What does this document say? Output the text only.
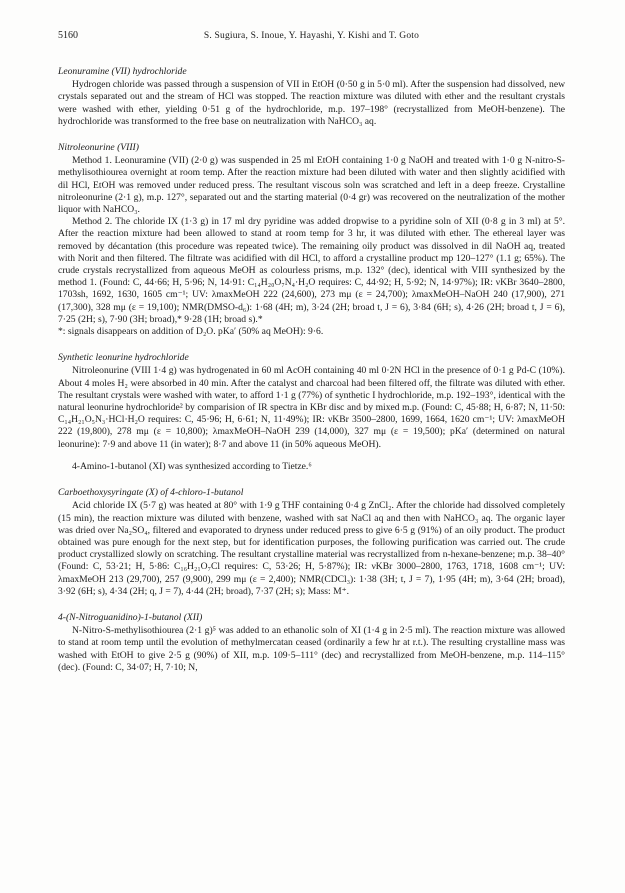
5160	S. Sugiura, S. Inoue, Y. Hayashi, Y. Kishi and T. Goto

Leonuramine (VII) hydrochloride

Hydrogen chloride was passed through a suspension of VII in EtOH (0·50 g in 5·0 ml). After the suspension had dissolved, new crystals separated out and the stream of HCl was stopped. The reaction mixture was diluted with ether and the resultant crystals were washed with ether, yielding 0·51 g of the hydrochloride, m.p. 197–198° (recrystallized from MeOH-benzene). The hydrochloride was transformed to the free base on neutralization with NaHCO₃ aq.

Nitroleonurine (VIII)

Method 1. Leonuramine (VII) (2·0 g) was suspended in 25 ml EtOH containing 1·0 g NaOH and treated with 1·0 g N-nitro-S-methylisothiourea overnight at room temp. After the reaction mixture had been diluted with water and then slightly acidified with dil HCl, EtOH was removed under reduced press. The resultant viscous soln was scratched and left in a deep freeze. Crystalline nitroleonurine (2·1 g), m.p. 127°, separated out and the starting material (0·4 gr) was recovered on the neutralization of the mother liquor with NaHCO₃.

Method 2. The chloride IX (1·3 g) in 17 ml dry pyridine was added dropwise to a pyridine soln of XII (0·8 g in 3 ml) at 5°. After the reaction mixture had been allowed to stand at room temp for 3 hr, it was diluted with ether. The ethereal layer was removed by décantation (this procedure was repeated twice). The remaining oily product was dissolved in dil NaOH aq, treated with Norit and then filtered. The filtrate was acidified with dil HCl, to afford a crystalline product mp 120–127° (1.1 g; 65%). The crude crystals recrystallized from aqueous MeOH as colourless prisms, m.p. 132° (dec), identical with VIII synthesized by the method 1. (Found: C, 44·66; H, 5·96; N, 14·91: C₁₄H₂₀O₇N₄·H₂O requires: C, 44·92; H, 5·92; N, 14·97%); IR: νKBr 3640–2800, 1703sh, 1692, 1630, 1605 cm⁻¹; UV: λmaxMeOH 222 (24,600), 273 mμ (ε = 24,700); λmaxMeOH–NaOH 240 (17,900), 271 (17,300), 328 mμ (ε = 19,100); NMR(DMSO-d₆): 1·68 (4H; m), 3·24 (2H; broad t, J = 6), 3·84 (6H; s), 4·26 (2H; broad t, J = 6), 7·25 (2H; s), 7·90 (3H; broad),* 9·28 (1H; broad s).*

*: signals disappears on addition of D₂O. pKa′ (50% aq MeOH): 9·6.

Synthetic leonurine hydrochloride

Nitroleonurine (VIII 1·4 g) was hydrogenated in 60 ml AcOH containing 40 ml 0·2N HCl in the presence of 0·1 g Pd-C (10%). About 4 moles H₂ were absorbed in 40 min. After the catalyst and charcoal had been filtered off, the filtrate was diluted with ether. The resultant crystals were washed with water, to afford 1·1 g (77%) of synthetic I hydrochloride, m.p. 192–193°, identical with the natural leonurine hydrochloride² by comparision of IR spectra in KBr disc and by mixed m.p. (Found: C, 45·88; H, 6·87; N, 11·50: C₁₄H₂₁O₅N₃·HCl·H₂O requires: C, 45·96; H, 6·61; N, 11·49%); IR: νKBr 3500–2800, 1699, 1664, 1620 cm⁻¹; UV: λmaxMeOH 222 (19,800), 278 mμ (ε = 10,800); λmaxMeOH–NaOH 239 (14,000), 327 mμ (ε = 19,500); pKa′ (determined on natural leonurine): 7·9 and above 11 (in water); 8·7 and above 11 (in 50% aqueous MeOH).

4-Amino-1-butanol (XI) was synthesized according to Tietze.⁶

Carboethoxysyringate (X) of 4-chloro-1-butanol

Acid chloride IX (5·7 g) was heated at 80° with 1·9 g THF containing 0·4 g ZnCl₂. After the chloride had dissolved completely (15 min), the reaction mixture was diluted with benzene, washed with sat NaCl aq and then with NaHCO₃ aq. The organic layer was dried over Na₂SO₄, filtered and evaporated to dryness under reduced press to give 6·5 g (91%) of an oily product. The product obtained was pure enough for the next step, but for identification purposes, the following purification was carried out. The crude product crystallized slowly on scratching. The resultant crystalline material was recrystallized from n-hexane-benzene; m.p. 38–40° (Found: C, 53·21; H, 5·86: C₁₆H₂₁O₇Cl requires: C, 53·26; H, 5·87%); IR: νKBr 3000–2800, 1763, 1718, 1608 cm⁻¹; UV: λmaxMeOH 213 (29,700), 257 (9,900), 299 mμ (ε = 2,400); NMR(CDCl₃): 1·38 (3H; t, J = 7), 1·95 (4H; m), 3·64 (2H; broad), 3·92 (6H; s), 4·34 (2H; q, J = 7), 4·44 (2H; broad), 7·37 (2H; s); Mass: M⁺.

4-(N-Nitroguanidino)-1-butanol (XII)

N-Nitro-S-methylisothiourea (2·1 g)⁵ was added to an ethanolic soln of XI (1·4 g in 2·5 ml). The reaction mixture was allowed to stand at room temp until the evolution of methylmercatan ceased (ordinarily a few hr at r.t.). The resulting crystalline mass was washed with EtOH to give 2·5 g (90%) of XII, m.p. 109·5–111° (dec) and recrystallized from MeOH-benzene, m.p. 114–115° (dec). (Found: C, 34·07; H, 7·10; N,
